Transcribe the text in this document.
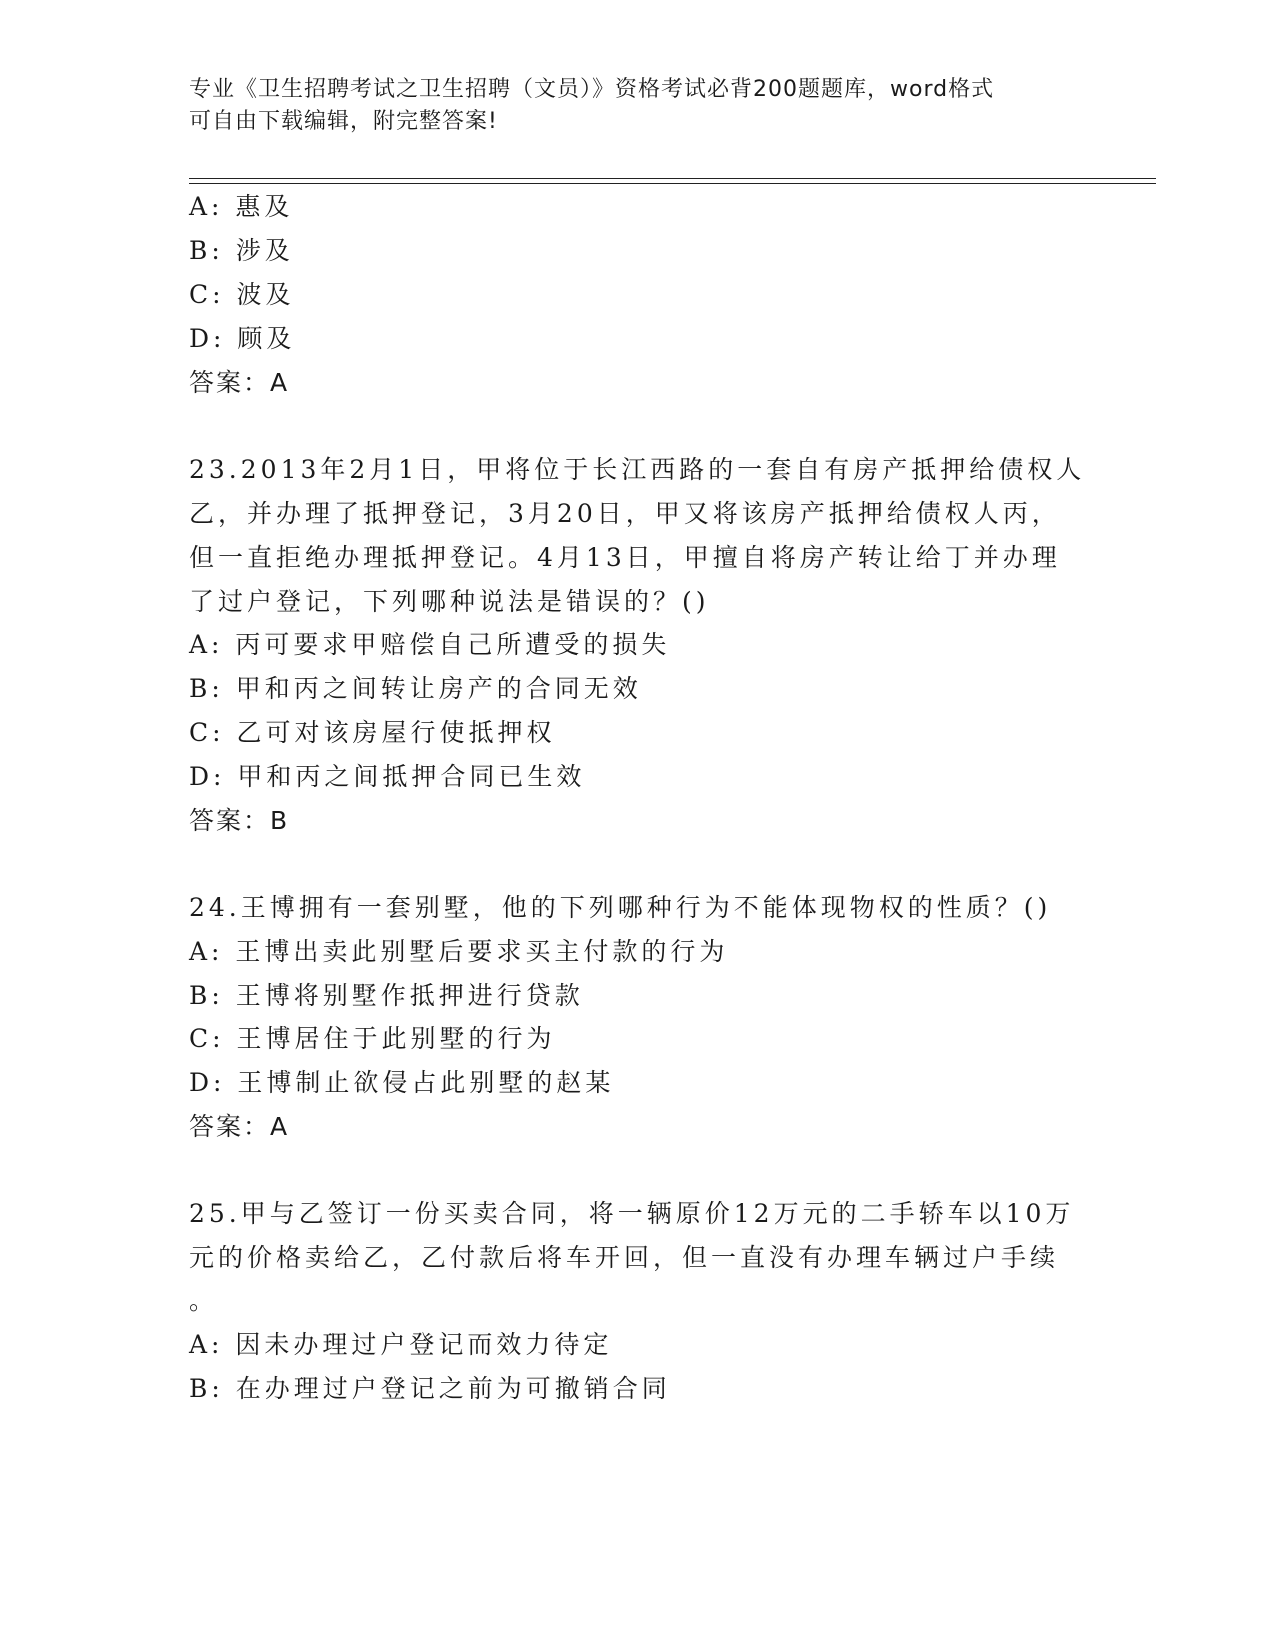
专业《卫生招聘考试之卫生招聘（文员）》资格考试必背200题题库，word格式
可自由下载编辑，附完整答案!
A: 惠及
B: 涉及
C: 波及
D: 顾及
答案：A
23.2013年2月1日，甲将位于长江西路的一套自有房产抵押给债权人
乙，并办理了抵押登记，3月20日，甲又将该房产抵押给债权人丙，
但一直拒绝办理抵押登记。4月13日，甲擅自将房产转让给丁并办理
了过户登记，下列哪种说法是错误的？()
A: 丙可要求甲赔偿自己所遭受的损失
B: 甲和丙之间转让房产的合同无效
C: 乙可对该房屋行使抵押权
D: 甲和丙之间抵押合同已生效
答案：B
24.王博拥有一套别墅，他的下列哪种行为不能体现物权的性质？()
A: 王博出卖此别墅后要求买主付款的行为
B: 王博将别墅作抵押进行贷款
C: 王博居住于此别墅的行为
D: 王博制止欲侵占此别墅的赵某
答案：A
25.甲与乙签订一份买卖合同，将一辆原价12万元的二手轿车以10万
元的价格卖给乙，乙付款后将车开回，但一直没有办理车辆过户手续
。
A: 因未办理过户登记而效力待定
B: 在办理过户登记之前为可撤销合同
